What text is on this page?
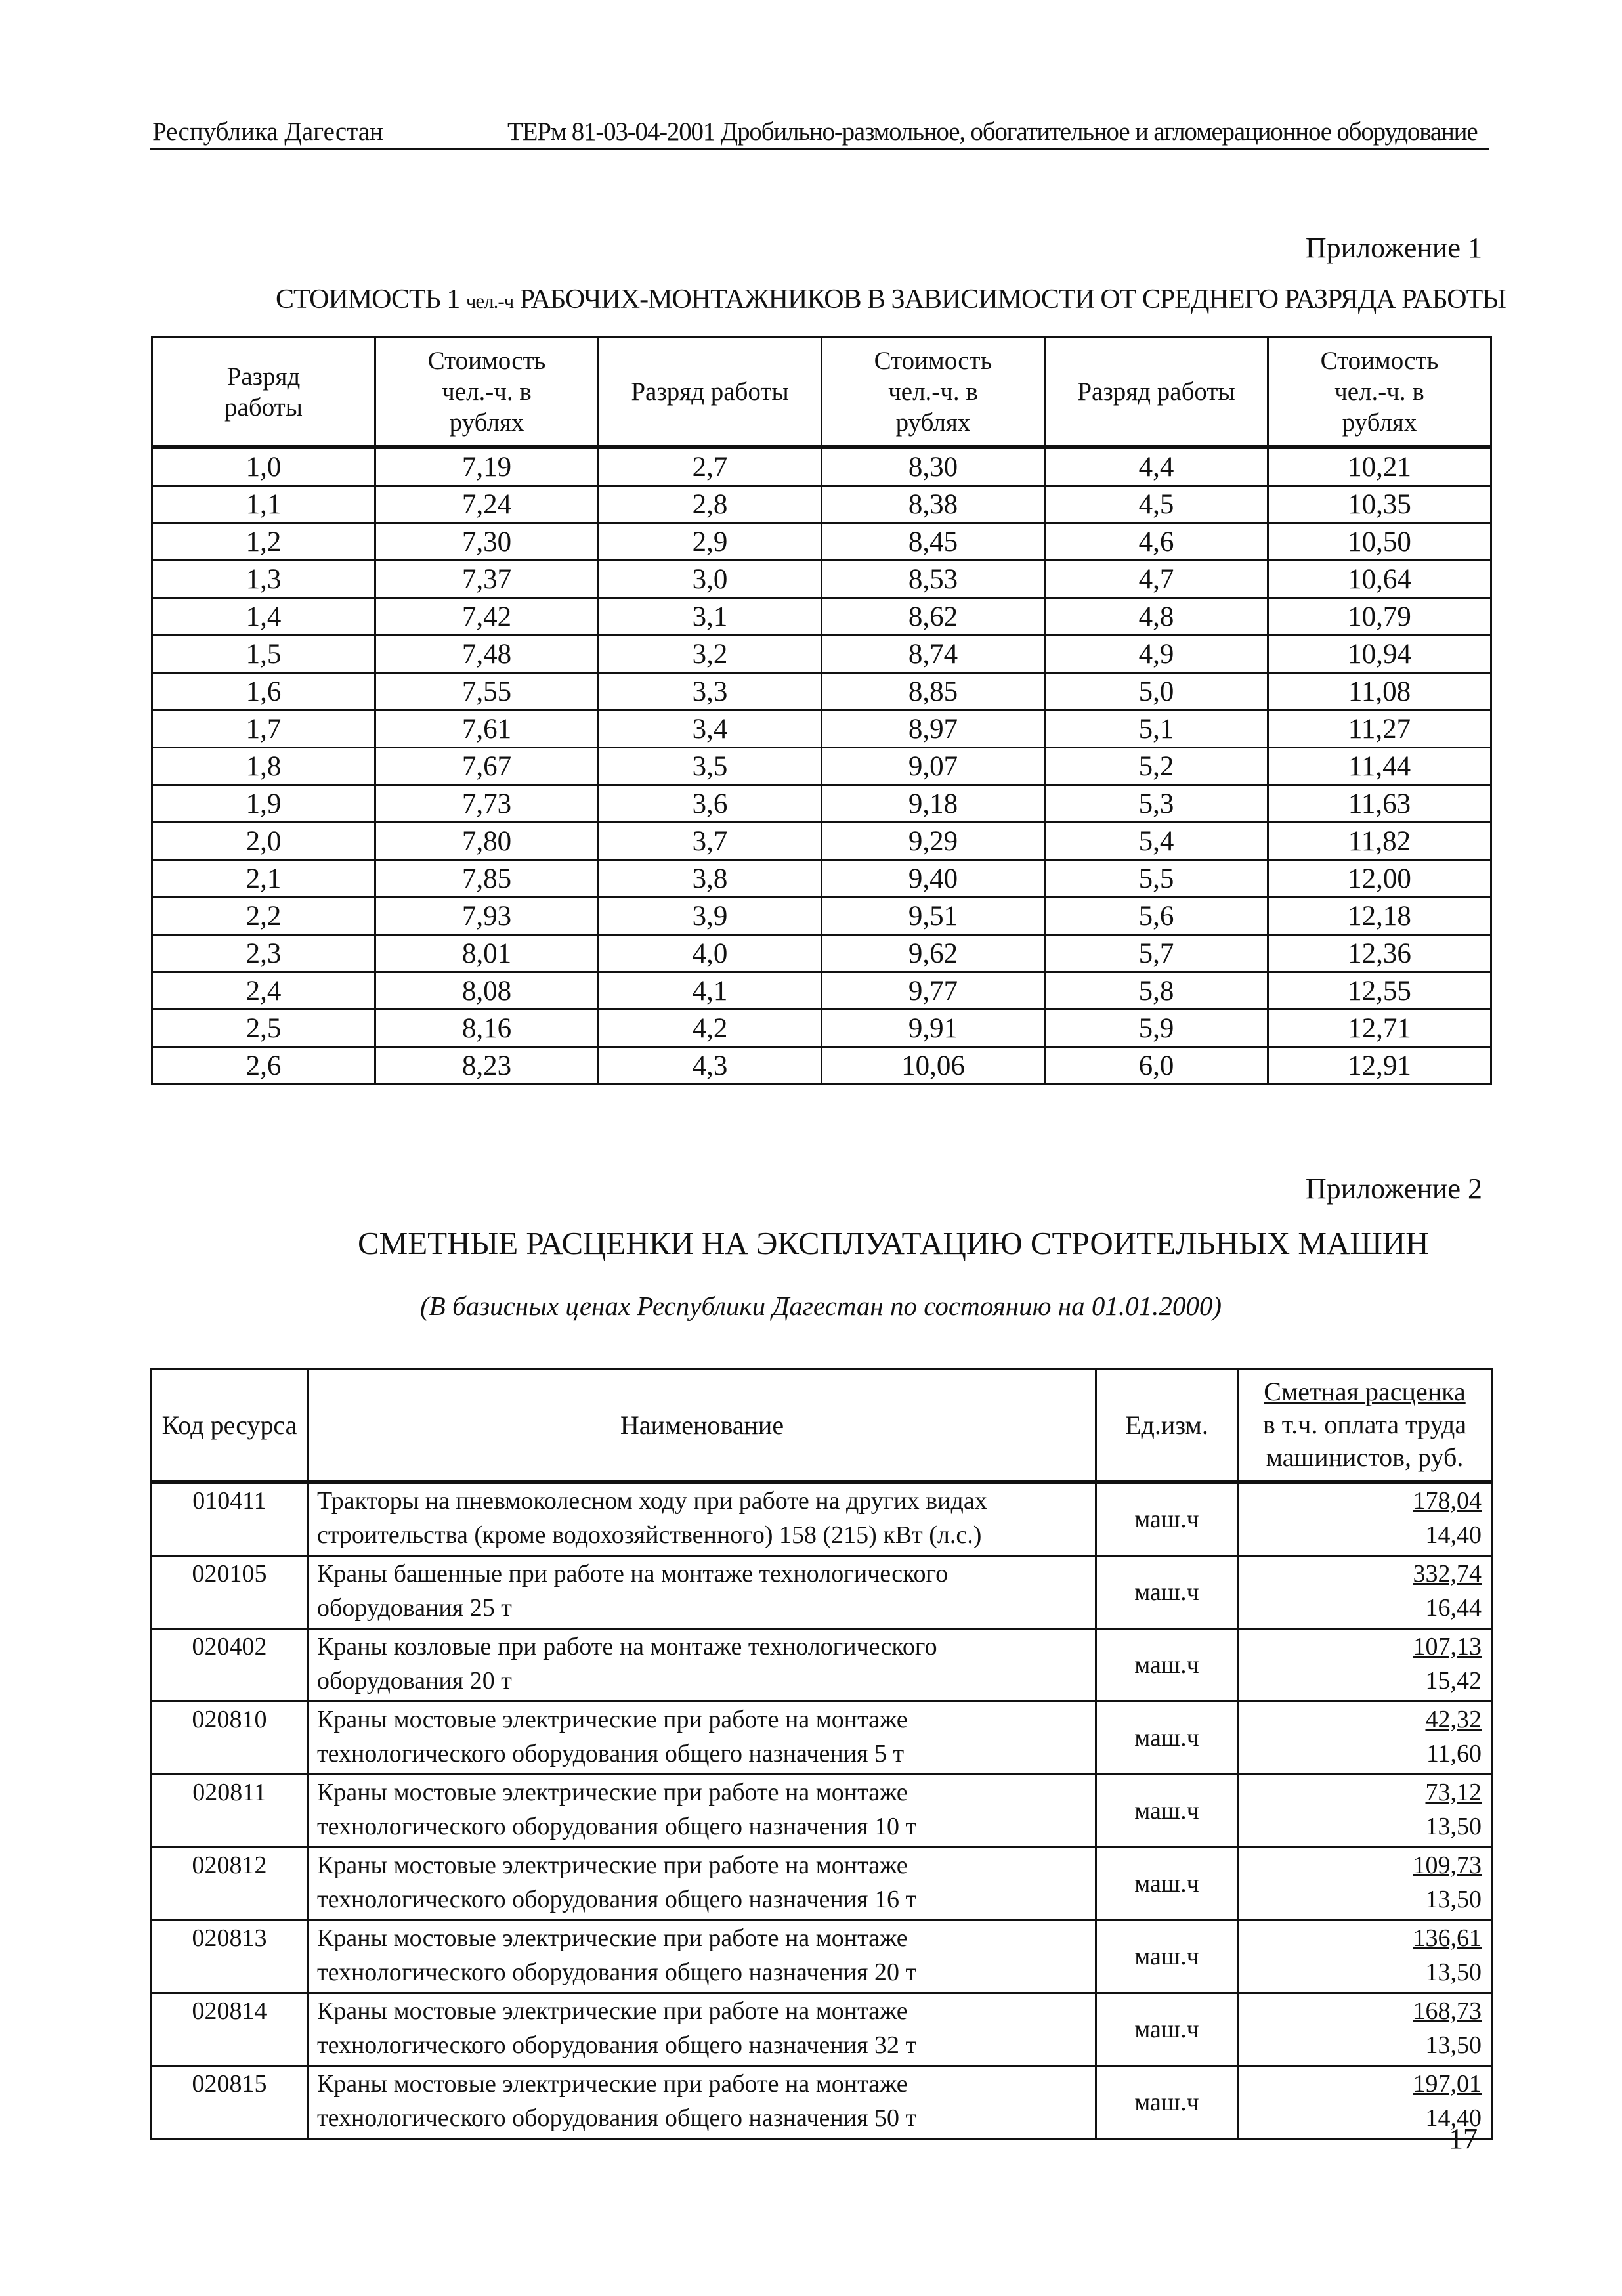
Республика Дагестан	ТЕРм 81-03-04-2001 Дробильно-размольное, обогатительное и агломерационное оборудование
Приложение 1
СТОИМОСТЬ 1 чел.-ч РАБОЧИХ-МОНТАЖНИКОВ В ЗАВИСИМОСТИ ОТ СРЕДНЕГО РАЗРЯДА РАБОТЫ
Разряд работы	Стоимость чел.-ч. в рублях	Разряд работы	Стоимость чел.-ч. в рублях	Разряд работы	Стоимость чел.-ч. в рублях

1,0	7,19	2,7	8,30	4,4	10,21
1,1	7,24	2,8	8,38	4,5	10,35
1,2	7,30	2,9	8,45	4,6	10,50
1,3	7,37	3,0	8,53	4,7	10,64
1,4	7,42	3,1	8,62	4,8	10,79
1,5	7,48	3,2	8,74	4,9	10,94
1,6	7,55	3,3	8,85	5,0	11,08
1,7	7,61	3,4	8,97	5,1	11,27
1,8	7,67	3,5	9,07	5,2	11,44
1,9	7,73	3,6	9,18	5,3	11,63
2,0	7,80	3,7	9,29	5,4	11,82
2,1	7,85	3,8	9,40	5,5	12,00
2,2	7,93	3,9	9,51	5,6	12,18
2,3	8,01	4,0	9,62	5,7	12,36
2,4	8,08	4,1	9,77	5,8	12,55
2,5	8,16	4,2	9,91	5,9	12,71
2,6	8,23	4,3	10,06	6,0	12,91
Приложение 2
СМЕТНЫЕ РАСЦЕНКИ НА ЭКСПЛУАТАЦИЮ СТРОИТЕЛЬНЫХ МАШИН
(В базисных ценах Республики Дагестан по состоянию на 01.01.2000)
Код ресурса	Наименование	Ед.изм.	Сметная расценка
в т.ч. оплата труда машинистов, руб.

010411	Тракторы на пневмоколесном ходу при работе на других видах строительства (кроме водохозяйственного) 158 (215) кВт (л.с.)	маш.ч	178,04
14,40

020105	Краны башенные при работе на монтаже технологического оборудования 25 т	маш.ч	332,74
16,44

020402	Краны козловые при работе на монтаже технологического оборудования 20 т	маш.ч	107,13
15,42

020810	Краны мостовые электрические при работе на монтаже технологического оборудования общего назначения 5 т	маш.ч	42,32
11,60

020811	Краны мостовые электрические при работе на монтаже технологического оборудования общего назначения 10 т	маш.ч	73,12
13,50

020812	Краны мостовые электрические при работе на монтаже технологического оборудования общего назначения 16 т	маш.ч	109,73
13,50

020813	Краны мостовые электрические при работе на монтаже технологического оборудования общего назначения 20 т	маш.ч	136,61
13,50

020814	Краны мостовые электрические при работе на монтаже технологического оборудования общего назначения 32 т	маш.ч	168,73
13,50

020815	Краны мостовые электрические при работе на монтаже технологического оборудования общего назначения 50 т	маш.ч	197,01
14,40
17
